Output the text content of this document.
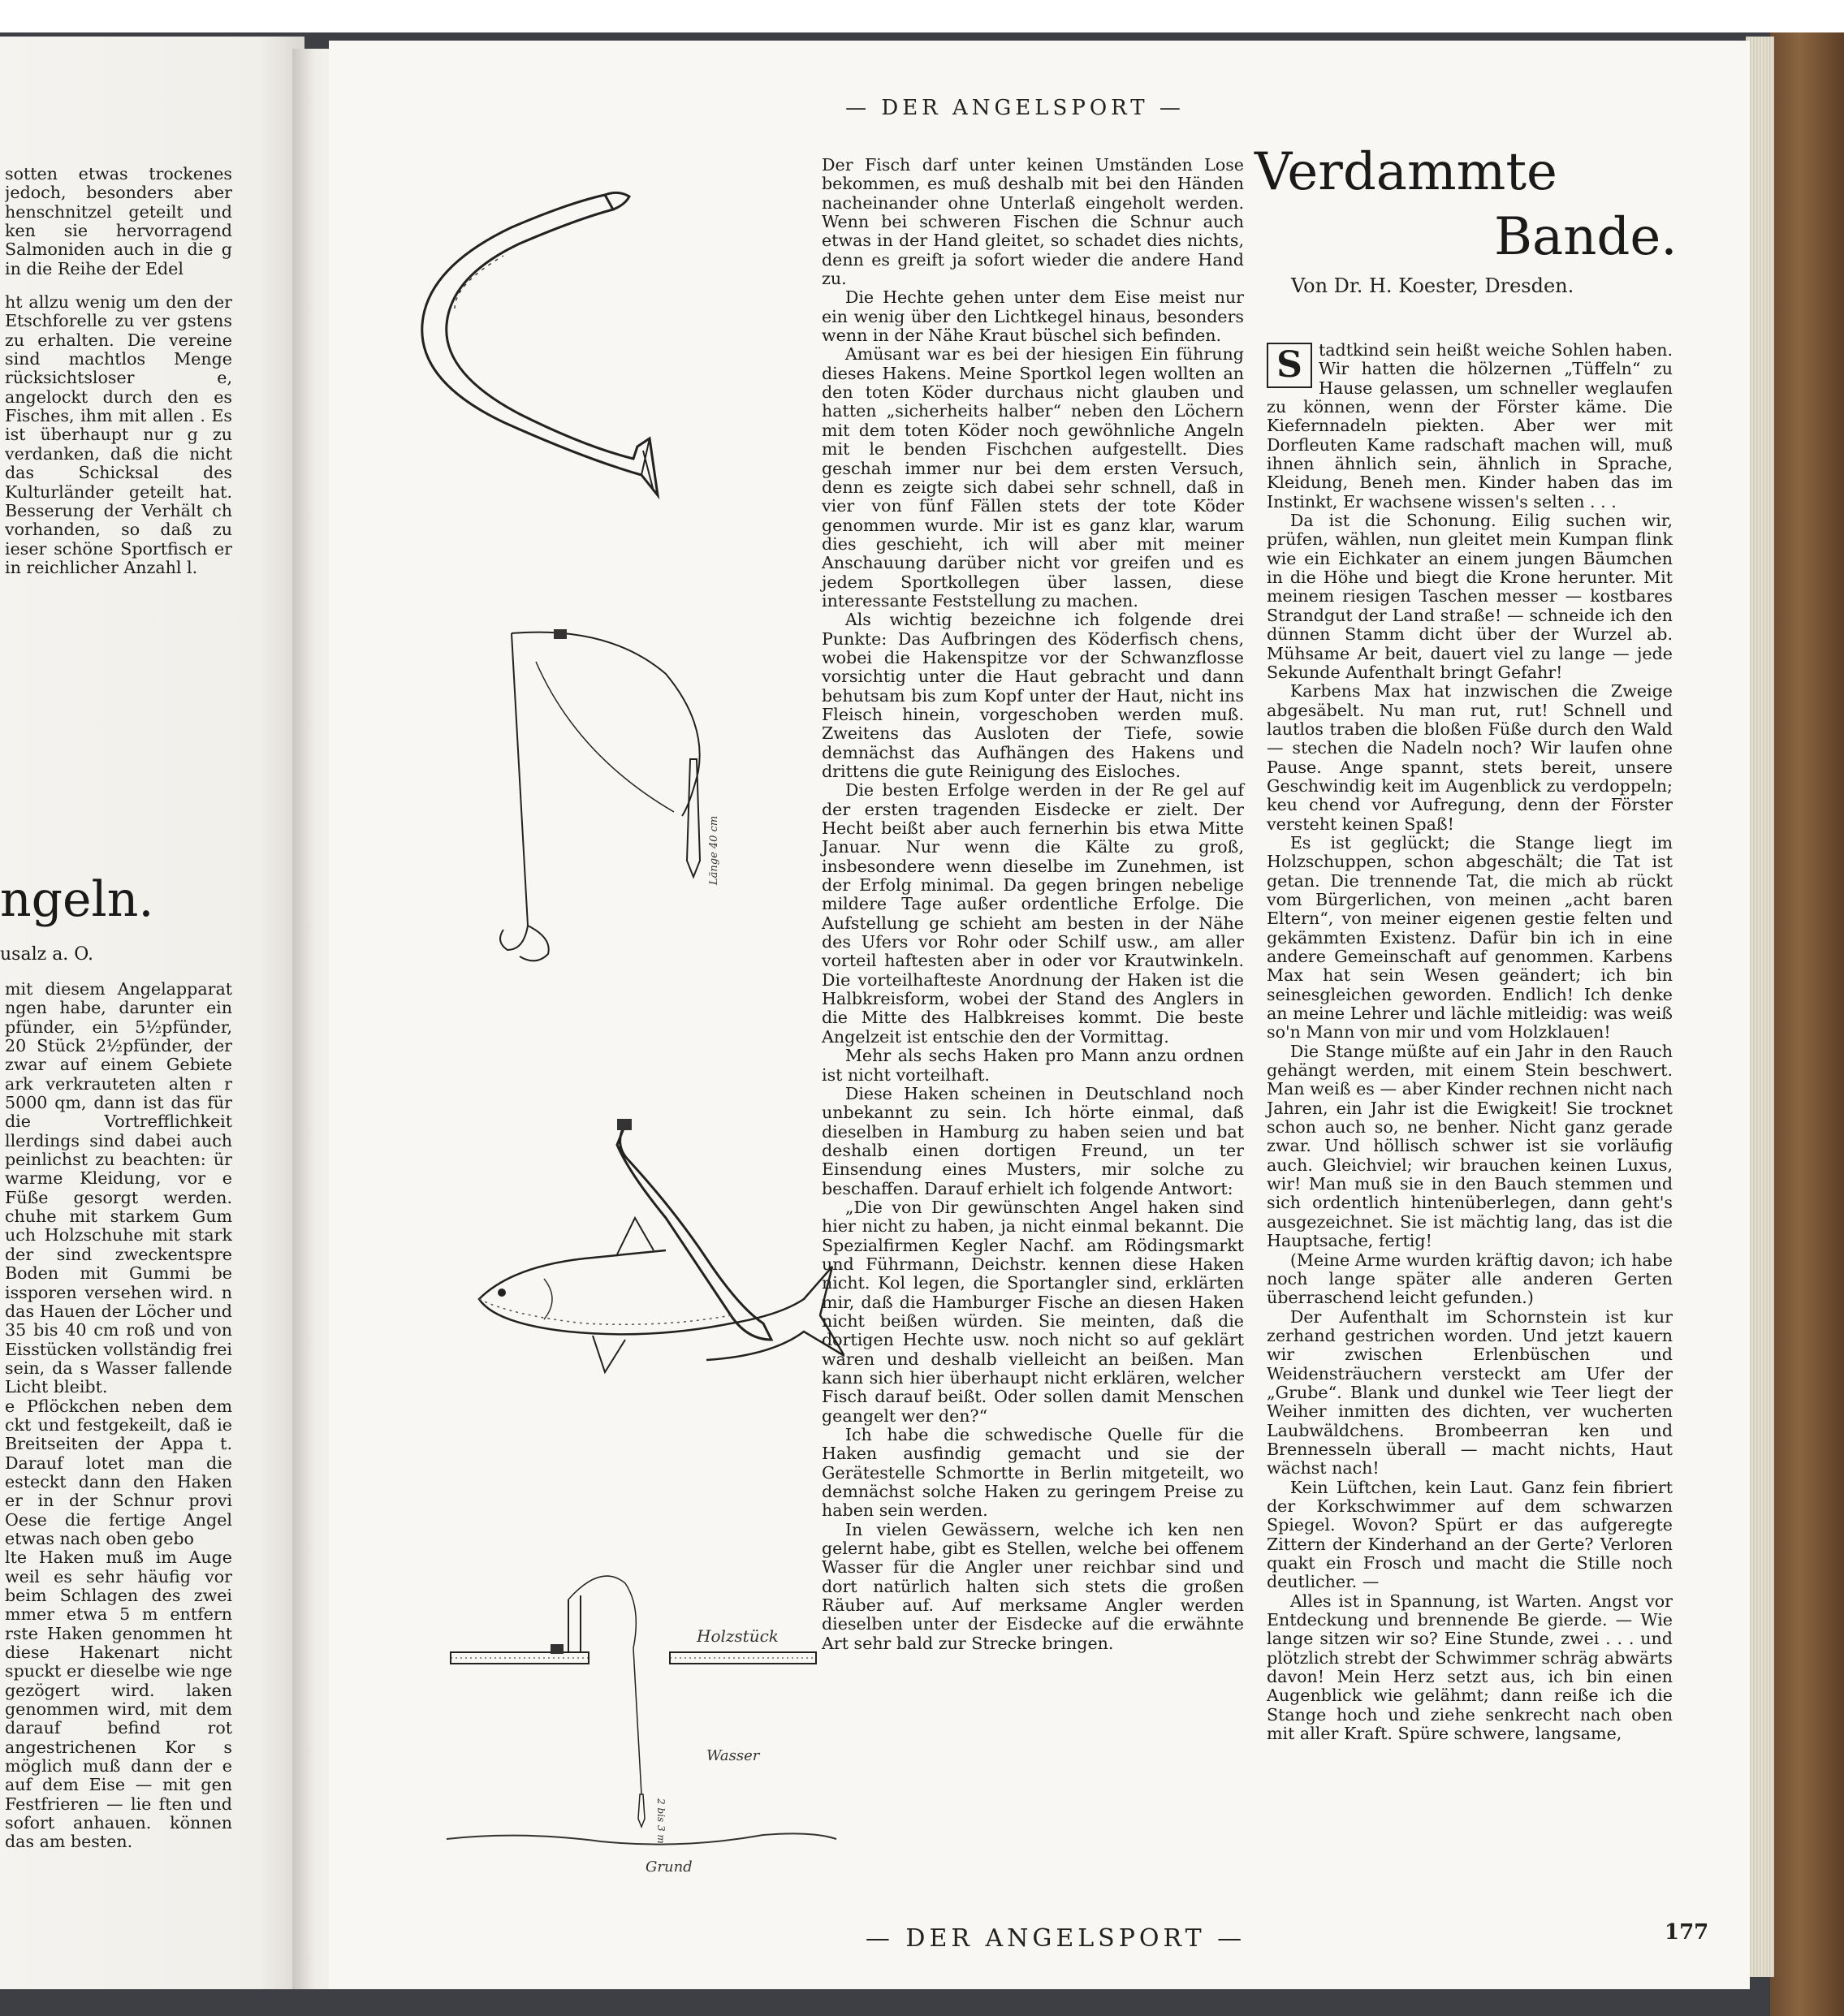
sotten etwas trockenes jedoch, besonders aber henschnitzel geteilt und ken sie hervorragend Salmoniden auch in die g in die Reihe der Edel

ht allzu wenig um den der Etschforelle zu ver gstens zu erhalten. Die vereine sind machtlos Menge rücksichtsloser e, angelockt durch den es Fisches, ihm mit allen . Es ist überhaupt nur g zu verdanken, daß die nicht das Schicksal des Kulturländer geteilt hat. Besserung der Verhält ch vorhanden, so daß zu ieser schöne Sportfisch er in reichlicher Anzahl l.

ngeln.
usalz a. O.

mit diesem Angelapparat ngen habe, darunter ein pfünder, ein 5½pfünder, 20 Stück 2½pfünder, der zwar auf einem Gebiete ark verkrauteten alten r 5000 qm, dann ist das für die Vortrefflichkeit llerdings sind dabei auch peinlichst zu beachten: ür warme Kleidung, vor e Füße gesorgt werden. chuhe mit starkem Gum uch Holzschuhe mit stark der sind zweckentspre Boden mit Gummi be issporen versehen wird. n das Hauen der Löcher und 35 bis 40 cm roß und von Eisstücken vollständig frei sein, da s Wasser fallende Licht bleibt.

e Pflöckchen neben dem ckt und festgekeilt, daß ie Breitseiten der Appa t. Darauf lotet man die esteckt dann den Haken er in der Schnur provi Oese die fertige Angel etwas nach oben gebo

lte Haken muß im Auge weil es sehr häufig vor beim Schlagen des zwei mmer etwa 5 m entfern rste Haken genommen ht diese Hakenart nicht spuckt er dieselbe wie nge gezögert wird. laken genommen wird, mit dem darauf befind rot angestrichenen Kor s möglich muß dann der e auf dem Eise — mit gen Festfrieren — lie ften und sofort anhauen. können das am besten.

— DER ANGELSPORT —
Länge 40 cm
Holzstück
Wasser
2 bis 3 m
Grund

Der Fisch darf unter keinen Umständen Lose bekommen, es muß deshalb mit bei den Händen nacheinander ohne Unterlaß eingeholt werden. Wenn bei schweren Fischen die Schnur auch etwas in der Hand gleitet, so schadet dies nichts, denn es greift ja sofort wieder die andere Hand zu.

Die Hechte gehen unter dem Eise meist nur ein wenig über den Lichtkegel hinaus, besonders wenn in der Nähe Kraut büschel sich befinden.

Amüsant war es bei der hiesigen Ein führung dieses Hakens. Meine Sportkol legen wollten an den toten Köder durchaus nicht glauben und hatten „sicherheits halber“ neben den Löchern mit dem toten Köder noch gewöhnliche Angeln mit le benden Fischchen aufgestellt. Dies geschah immer nur bei dem ersten Versuch, denn es zeigte sich dabei sehr schnell, daß in vier von fünf Fällen stets der tote Köder genommen wurde. Mir ist es ganz klar, warum dies geschieht, ich will aber mit meiner Anschauung darüber nicht vor greifen und es jedem Sportkollegen über lassen, diese interessante Feststellung zu machen.

Als wichtig bezeichne ich folgende drei Punkte: Das Aufbringen des Köderfisch chens, wobei die Hakenspitze vor der Schwanzflosse vorsichtig unter die Haut gebracht und dann behutsam bis zum Kopf unter der Haut, nicht ins Fleisch hinein, vorgeschoben werden muß. Zweitens das Ausloten der Tiefe, sowie demnächst das Aufhängen des Hakens und drittens die gute Reinigung des Eisloches.

Die besten Erfolge werden in der Re gel auf der ersten tragenden Eisdecke er zielt. Der Hecht beißt aber auch fernerhin bis etwa Mitte Januar. Nur wenn die Kälte zu groß, insbesondere wenn dieselbe im Zunehmen, ist der Erfolg minimal. Da gegen bringen nebelige mildere Tage außer ordentliche Erfolge. Die Aufstellung ge schieht am besten in der Nähe des Ufers vor Rohr oder Schilf usw., am aller vorteil haftesten aber in oder vor Krautwinkeln. Die vorteilhafteste Anordnung der Haken ist die Halbkreisform, wobei der Stand des Anglers in die Mitte des Halbkreises kommt. Die beste Angelzeit ist entschie den der Vormittag.

Mehr als sechs Haken pro Mann anzu ordnen ist nicht vorteilhaft.

Diese Haken scheinen in Deutschland noch unbekannt zu sein. Ich hörte einmal, daß dieselben in Hamburg zu haben seien und bat deshalb einen dortigen Freund, un ter Einsendung eines Musters, mir solche zu beschaffen. Darauf erhielt ich folgende Antwort:

„Die von Dir gewünschten Angel haken sind hier nicht zu haben, ja nicht einmal bekannt. Die Spezialfirmen Kegler Nachf. am Rödingsmarkt und Führmann, Deichstr. kennen diese Haken nicht. Kol legen, die Sportangler sind, erklärten mir, daß die Hamburger Fische an diesen Haken nicht beißen würden. Sie meinten, daß die dortigen Hechte usw. noch nicht so auf geklärt wären und deshalb vielleicht an beißen. Man kann sich hier überhaupt nicht erklären, welcher Fisch darauf beißt. Oder sollen damit Menschen geangelt wer den?“

Ich habe die schwedische Quelle für die Haken ausfindig gemacht und sie der Gerätestelle Schmortte in Berlin mitgeteilt, wo demnächst solche Haken zu geringem Preise zu haben sein werden.

In vielen Gewässern, welche ich ken nen gelernt habe, gibt es Stellen, welche bei offenem Wasser für die Angler uner reichbar sind und dort natürlich halten sich stets die großen Räuber auf. Auf merksame Angler werden dieselben unter der Eisdecke auf die erwähnte Art sehr bald zur Strecke bringen.

Verdammte
Bande.
Von Dr. H. Koester, Dresden.

S tadtkind sein heißt weiche Sohlen haben. Wir hatten die hölzernen „Tüffeln“ zu Hause gelassen, um schneller weglaufen zu können, wenn der Förster käme. Die Kiefernnadeln piekten. Aber wer mit Dorfleuten Kame radschaft machen will, muß ihnen ähnlich sein, ähnlich in Sprache, Kleidung, Beneh men. Kinder haben das im Instinkt, Er wachsene wissen's selten . . .

Da ist die Schonung. Eilig suchen wir, prüfen, wählen, nun gleitet mein Kumpan flink wie ein Eichkater an einem jungen Bäumchen in die Höhe und biegt die Krone herunter. Mit meinem riesigen Taschen messer — kostbares Strandgut der Land straße! — schneide ich den dünnen Stamm dicht über der Wurzel ab. Mühsame Ar beit, dauert viel zu lange — jede Sekunde Aufenthalt bringt Gefahr!

Karbens Max hat inzwischen die Zweige abgesäbelt. Nu man rut, rut! Schnell und lautlos traben die bloßen Füße durch den Wald — stechen die Nadeln noch? Wir laufen ohne Pause. Ange spannt, stets bereit, unsere Geschwindig keit im Augenblick zu verdoppeln; keu chend vor Aufregung, denn der Förster versteht keinen Spaß!

Es ist geglückt; die Stange liegt im Holzschuppen, schon abgeschält; die Tat ist getan. Die trennende Tat, die mich ab rückt vom Bürgerlichen, von meinen „acht baren Eltern“, von meiner eigenen gestie felten und gekämmten Existenz. Dafür bin ich in eine andere Gemeinschaft auf genommen. Karbens Max hat sein Wesen geändert; ich bin seinesgleichen geworden. Endlich! Ich denke an meine Lehrer und lächle mitleidig: was weiß so'n Mann von mir und vom Holzklauen!

Die Stange müßte auf ein Jahr in den Rauch gehängt werden, mit einem Stein beschwert. Man weiß es — aber Kinder rechnen nicht nach Jahren, ein Jahr ist die Ewigkeit! Sie trocknet schon auch so, ne benher. Nicht ganz gerade zwar. Und höllisch schwer ist sie vorläufig auch. Gleichviel; wir brauchen keinen Luxus, wir! Man muß sie in den Bauch stemmen und sich ordentlich hintenüberlegen, dann geht's ausgezeichnet. Sie ist mächtig lang, das ist die Hauptsache, fertig!

(Meine Arme wurden kräftig davon; ich habe noch lange später alle anderen Gerten überraschend leicht gefunden.)

Der Aufenthalt im Schornstein ist kur zerhand gestrichen worden. Und jetzt kauern wir zwischen Erlenbüschen und Weidensträuchern versteckt am Ufer der „Grube“. Blank und dunkel wie Teer liegt der Weiher inmitten des dichten, ver wucherten Laubwäldchens. Brombeerran ken und Brennesseln überall — macht nichts, Haut wächst nach!

Kein Lüftchen, kein Laut. Ganz fein fibriert der Korkschwimmer auf dem schwarzen Spiegel. Wovon? Spürt er das aufgeregte Zittern der Kinderhand an der Gerte? Verloren quakt ein Frosch und macht die Stille noch deutlicher. —

Alles ist in Spannung, ist Warten. Angst vor Entdeckung und brennende Be gierde. — Wie lange sitzen wir so? Eine Stunde, zwei . . . und plötzlich strebt der Schwimmer schräg abwärts davon! Mein Herz setzt aus, ich bin einen Augenblick wie gelähmt; dann reiße ich die Stange hoch und ziehe senkrecht nach oben mit aller Kraft. Spüre schwere, langsame,

— DER ANGELSPORT —	177
